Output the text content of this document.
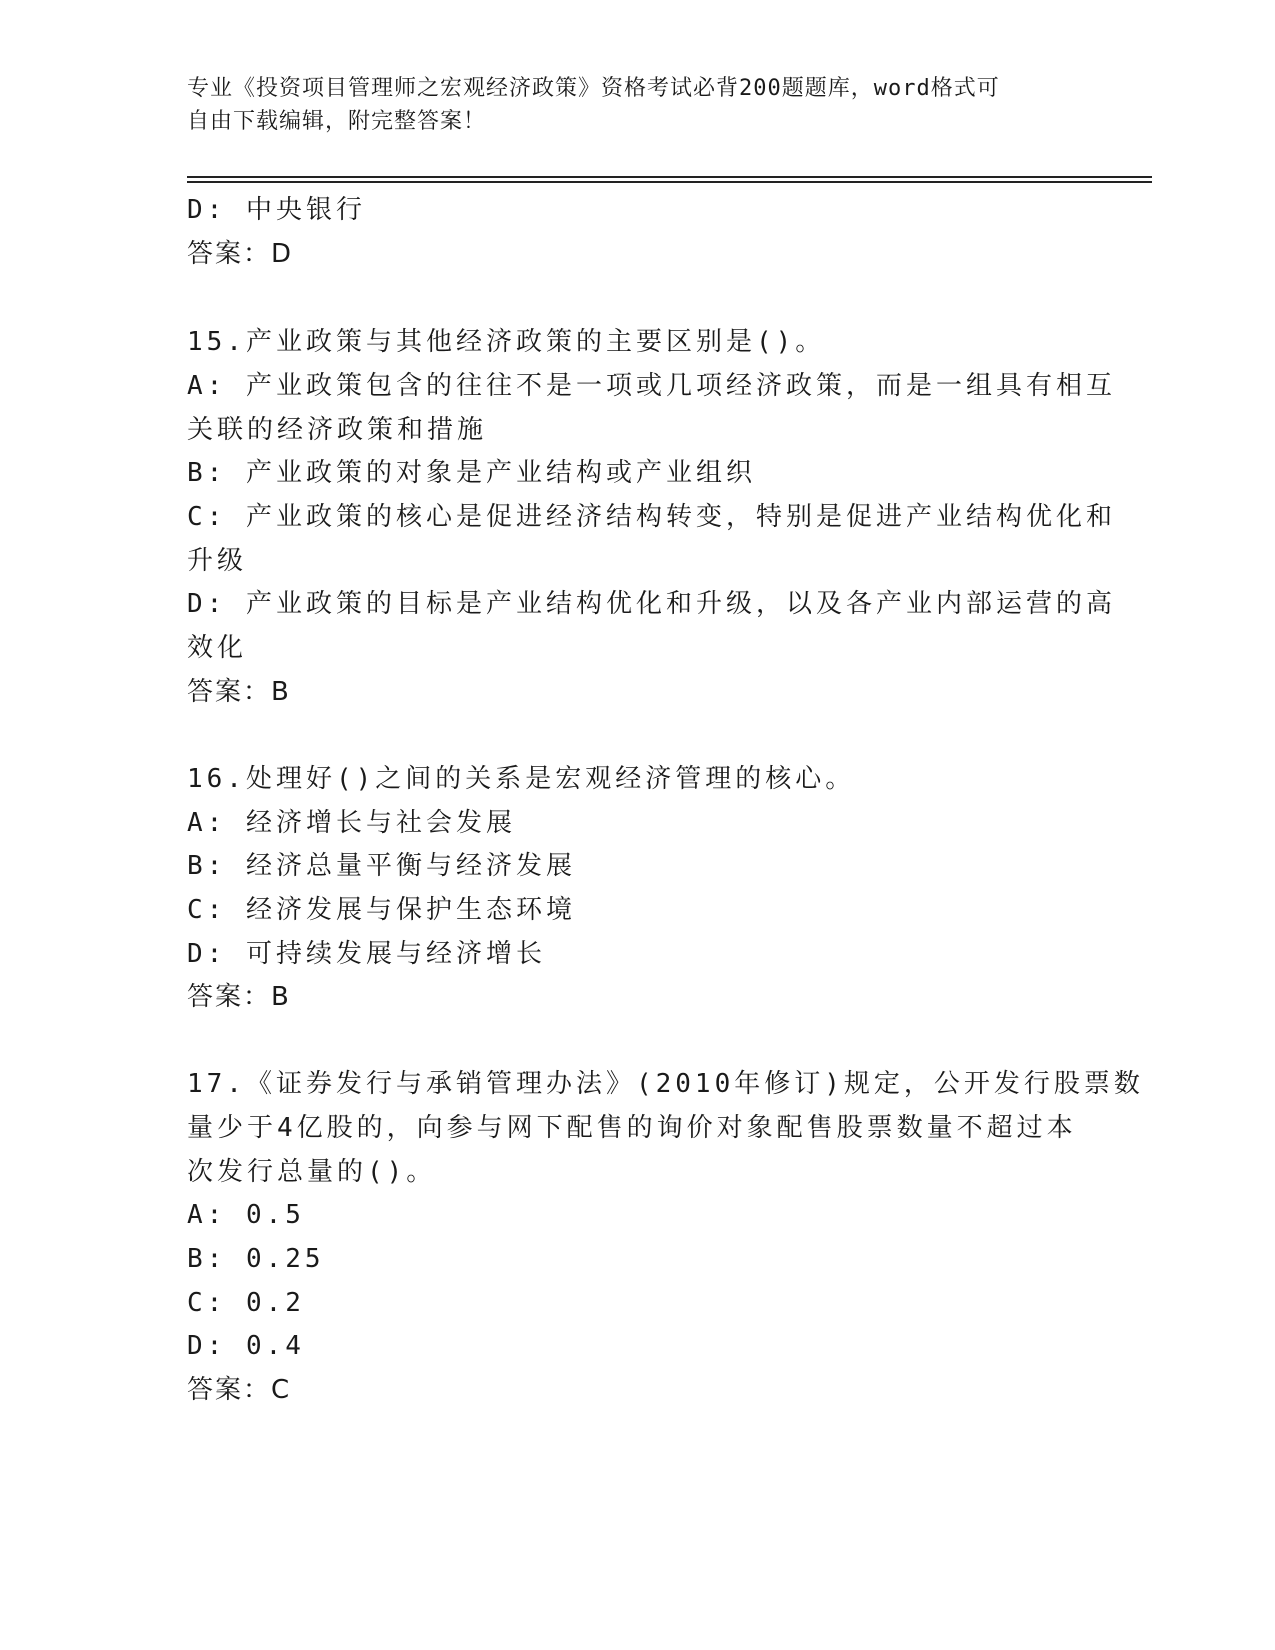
专业《投资项目管理师之宏观经济政策》资格考试必背200题题库，word格式可
自由下载编辑，附完整答案！
D: 中央银行
答案：D
15.产业政策与其他经济政策的主要区别是()。
A: 产业政策包含的往往不是一项或几项经济政策，而是一组具有相互
关联的经济政策和措施
B: 产业政策的对象是产业结构或产业组织
C: 产业政策的核心是促进经济结构转变，特别是促进产业结构优化和
升级
D: 产业政策的目标是产业结构优化和升级，以及各产业内部运营的高
效化
答案：B
16.处理好()之间的关系是宏观经济管理的核心。
A: 经济增长与社会发展
B: 经济总量平衡与经济发展
C: 经济发展与保护生态环境
D: 可持续发展与经济增长
答案：B
17.《证券发行与承销管理办法》(2010年修订)规定，公开发行股票数
量少于4亿股的，向参与网下配售的询价对象配售股票数量不超过本
次发行总量的()。
A: 0.5
B: 0.25
C: 0.2
D: 0.4
答案：C
